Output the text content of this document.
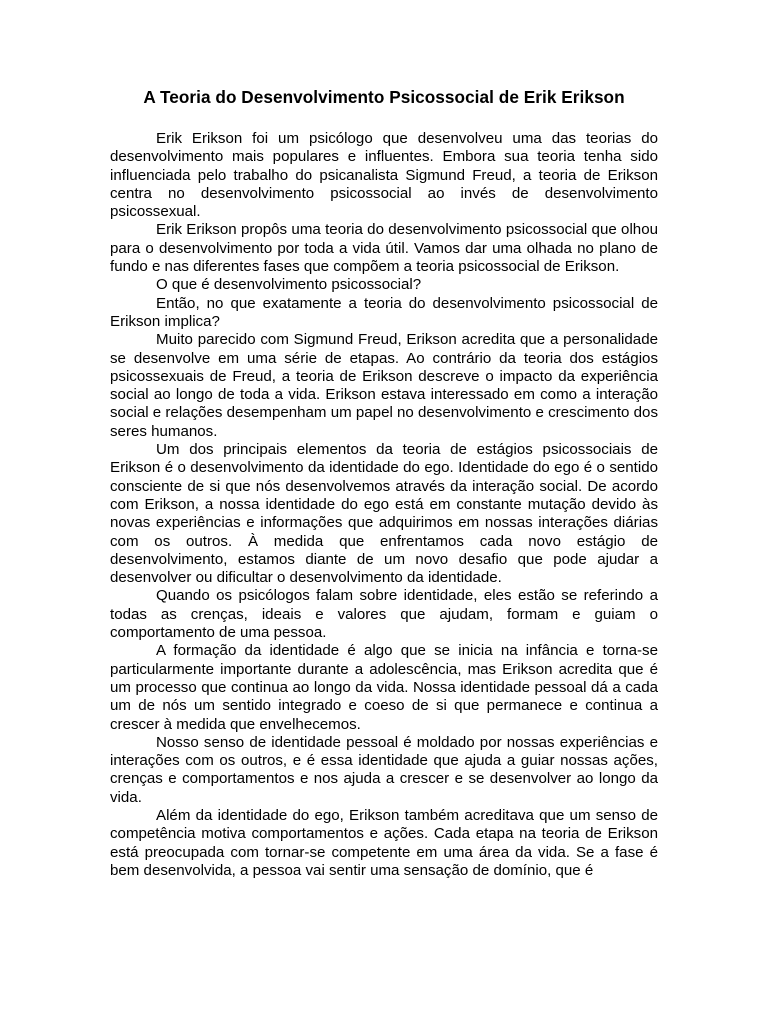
A Teoria do Desenvolvimento Psicossocial de Erik Erikson

Erik Erikson foi um psicólogo que desenvolveu uma das teorias do desenvolvimento mais populares e influentes. Embora sua teoria tenha sido influenciada pelo trabalho do psicanalista Sigmund Freud, a teoria de Erikson centra no desenvolvimento psicossocial ao invés de desenvolvimento psicossexual.

Erik Erikson propôs uma teoria do desenvolvimento psicossocial que olhou para o desenvolvimento por toda a vida útil. Vamos dar uma olhada no plano de fundo e nas diferentes fases que compõem a teoria psicossocial de Erikson.

O que é desenvolvimento psicossocial?

Então, no que exatamente a teoria do desenvolvimento psicossocial de Erikson implica?

Muito parecido com Sigmund Freud, Erikson acredita que a personalidade se desenvolve em uma série de etapas. Ao contrário da teoria dos estágios psicossexuais de Freud, a teoria de Erikson descreve o impacto da experiência social ao longo de toda a vida. Erikson estava interessado em como a interação social e relações desempenham um papel no desenvolvimento e crescimento dos seres humanos.

Um dos principais elementos da teoria de estágios psicossociais de Erikson é o desenvolvimento da identidade do ego. Identidade do ego é o sentido consciente de si que nós desenvolvemos através da interação social. De acordo com Erikson, a nossa identidade do ego está em constante mutação devido às novas experiências e informações que adquirimos em nossas interações diárias com os outros. À medida que enfrentamos cada novo estágio de desenvolvimento, estamos diante de um novo desafio que pode ajudar a desenvolver ou dificultar o desenvolvimento da identidade.

Quando os psicólogos falam sobre identidade, eles estão se referindo a todas as crenças, ideais e valores que ajudam, formam e guiam o comportamento de uma pessoa.

A formação da identidade é algo que se inicia na infância e torna-se particularmente importante durante a adolescência, mas Erikson acredita que é um processo que continua ao longo da vida. Nossa identidade pessoal dá a cada um de nós um sentido integrado e coeso de si que permanece e continua a crescer à medida que envelhecemos.

Nosso senso de identidade pessoal é moldado por nossas experiências e interações com os outros, e é essa identidade que ajuda a guiar nossas ações, crenças e comportamentos e nos ajuda a crescer e se desenvolver ao longo da vida.

Além da identidade do ego, Erikson também acreditava que um senso de competência motiva comportamentos e ações. Cada etapa na teoria de Erikson está preocupada com tornar-se competente em uma área da vida. Se a fase é bem desenvolvida, a pessoa vai sentir uma sensação de domínio, que é
